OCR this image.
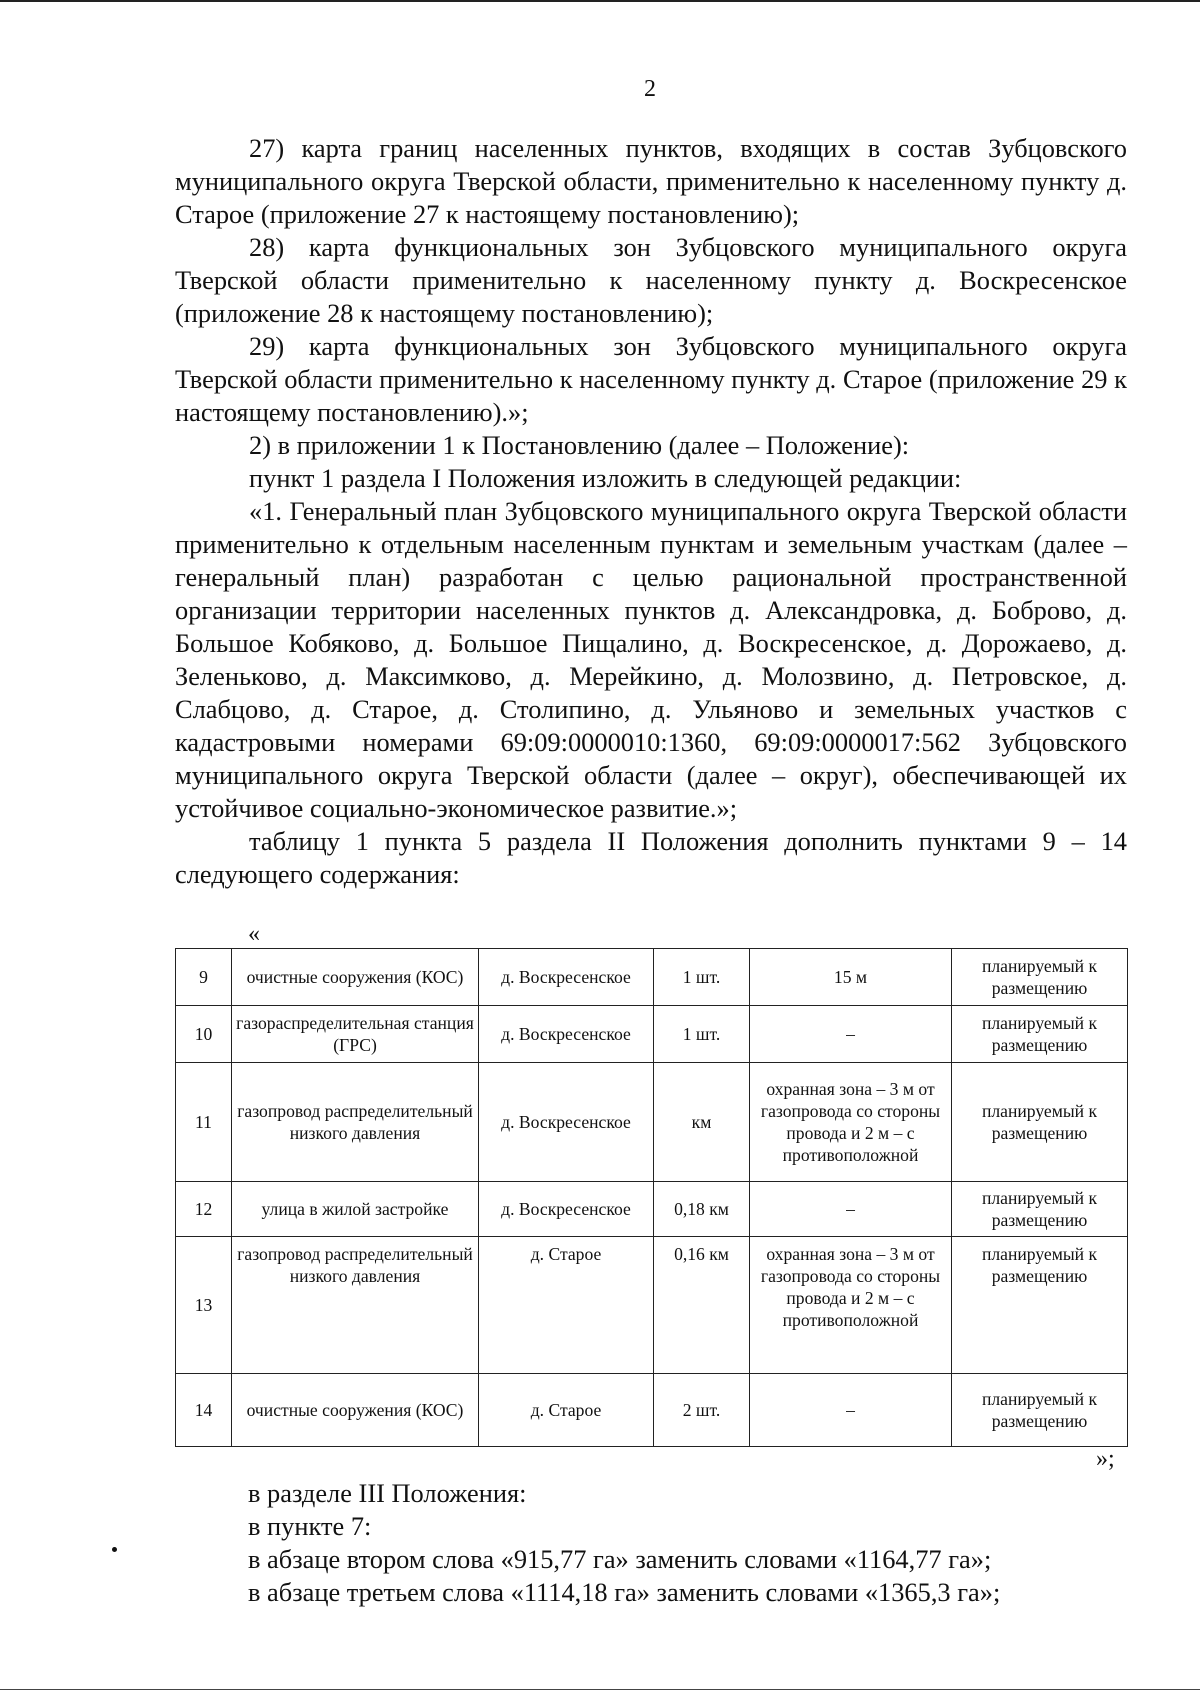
2

27) карта границ населенных пунктов, входящих в состав Зубцовского муниципального округа Тверской области, применительно к населенному пункту д. Старое (приложение 27 к настоящему постановлению);

28) карта функциональных зон Зубцовского муниципального округа Тверской области применительно к населенному пункту д. Воскресенское (приложение 28 к настоящему постановлению);

29) карта функциональных зон Зубцовского муниципального округа Тверской области применительно к населенному пункту д. Старое (приложение 29 к настоящему постановлению).»;

2) в приложении 1 к Постановлению (далее – Положение):

пункт 1 раздела I Положения изложить в следующей редакции:

«1. Генеральный план Зубцовского муниципального округа Тверской области применительно к отдельным населенным пунктам и земельным участкам (далее – генеральный план) разработан с целью рациональной пространственной организации территории населенных пунктов д. Александровка, д. Боброво, д. Большое Кобяково, д. Большое Пищалино, д. Воскресенское, д. Дорожаево, д. Зеленьково, д. Максимково, д. Мерейкино, д. Молозвино, д. Петровское, д. Слабцово, д. Старое, д. Столипино, д. Ульяново и земельных участков с кадастровыми номерами 69:09:0000010:1360, 69:09:0000017:562 Зубцовского муниципального округа Тверской области (далее – округ), обеспечивающей их устойчивое социально-экономическое развитие.»;

таблицу 1 пункта 5 раздела II Положения дополнить пунктами 9 – 14 следующего содержания:

«
9	очистные сооружения (КОС)	д. Воскресенское	1 шт.	15 м	планируемый к размещению
10	газораспределительная станция (ГРС)	д. Воскресенское	1 шт.	–	планируемый к размещению
11	газопровод распределительный низкого давления	д. Воскресенское	км	охранная зона – 3 м от газопровода со стороны провода и 2 м – с противоположной	планируемый к размещению
12	улица в жилой застройке	д. Воскресенское	0,18 км	–	планируемый к размещению
13	газопровод распределительный низкого давления	д. Старое	0,16 км	охранная зона – 3 м от газопровода со стороны провода и 2 м – с противоположной	планируемый к размещению
14	очистные сооружения (КОС)	д. Старое	2 шт.	–	планируемый к размещению
»;

в разделе III Положения:

в пункте 7:

в абзаце втором слова «915,77 га» заменить словами «1164,77 га»;

в абзаце третьем слова «1114,18 га» заменить словами «1365,3 га»;
